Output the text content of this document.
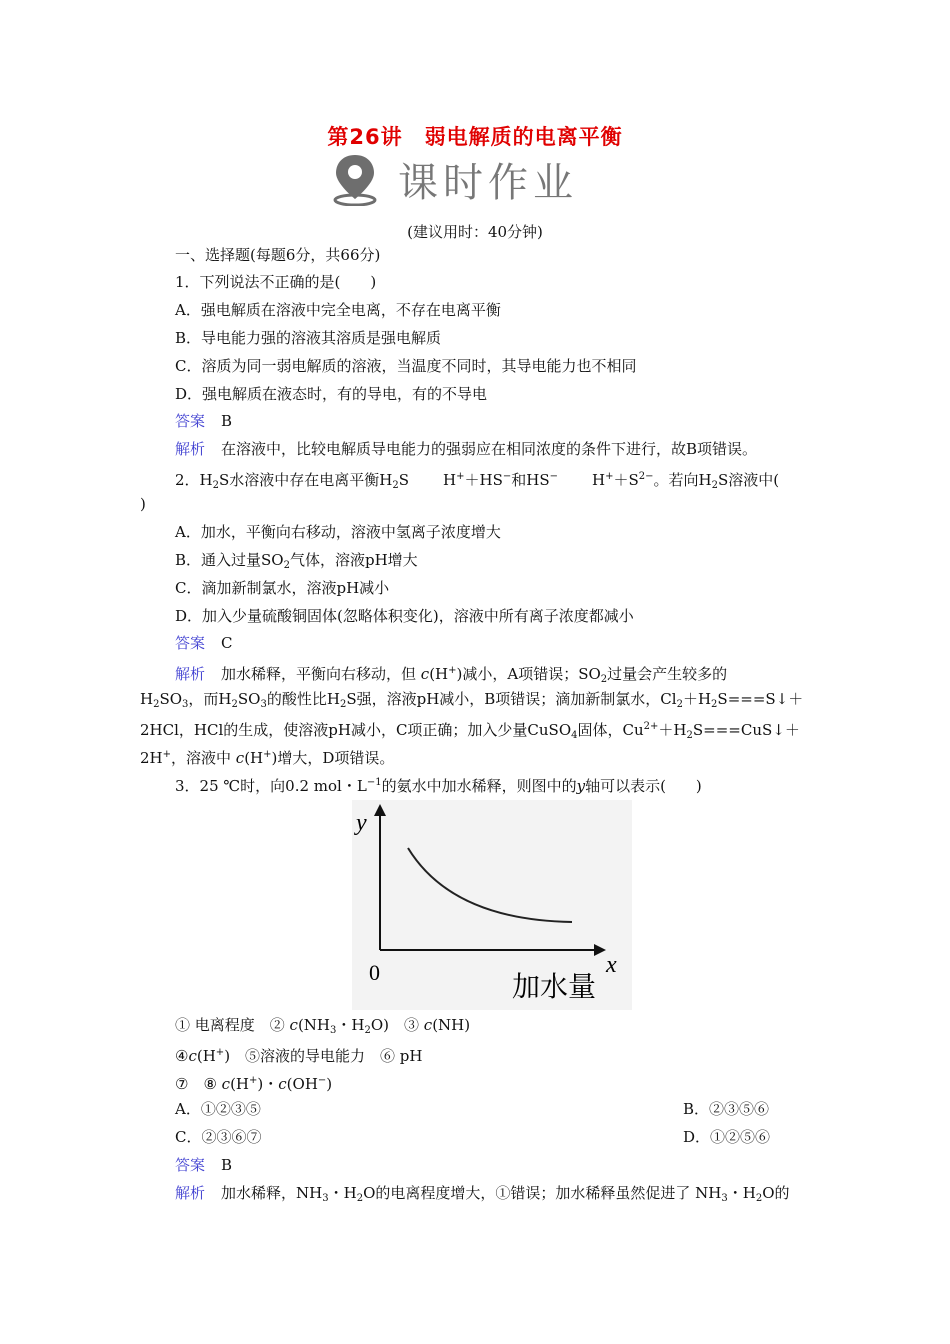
第26讲　弱电解质的电离平衡
课时作业
(建议用时：40分钟)
一、选择题(每题6分，共66分)
1．下列说法不正确的是(　　)
A．强电解质在溶液中完全电离，不存在电离平衡
B．导电能力强的溶液其溶质是强电解质
C．溶质为同一弱电解质的溶液，当温度不同时，其导电能力也不相同
D．强电解质在液态时，有的导电，有的不导电
答案 B
解析 在溶液中，比较电解质导电能力的强弱应在相同浓度的条件下进行，故B项错误。
2．$H_2S$水溶液中存在电离平衡$H_2S$ H+＋HS−和HS− $H^++S^{2-}$。若向$H_2S$溶液中(
)
A．加水，平衡向右移动，溶液中氢离子浓度增大
B．通入过量$SO_2$气体，溶液pH增大
C．滴加新制氯水，溶液pH减小
D．加入少量硫酸铜固体(忽略体积变化)，溶液中所有离子浓度都减小
答案 C
解析 加水稀释，平衡向右移动，但 c(H+)减小，A项错误；$SO_2$过量会产生较多的
$H_2SO_3$，而$H_2SO_3$的酸性比$H_2S$强，溶液pH减小，B项错误；滴加新制氯水，$Cl_2+H_2S===S↓+$
2HCl，HCl的生成，使溶液pH减小，C项正确；加入少量CuSO$_4$固体，$Cu^{2+}+H_2S===CuS↓+$
2H+，溶液中 c(H+)增大，D项错误。
3．25 ℃时，向0.2 mol・$L^{-1}$的氨水中加水稀释，则图中的y轴可以表示(　　)
y
x
0	加水量
① 电离程度　② $c(NH_3$・$H_2O$)　③ c(NH)
④c(H+)　⑤溶液的导电能力　⑥ pH
⑦　⑧ c(H+)・c(OH−)
A．①②③⑤	B．②③⑤⑥
C．②③⑥⑦	D．①②⑤⑥
答案 B
解析 加水稀释，$NH_3$・$H_2O$的电离程度增大，①错误；加水稀释虽然促进了 $NH_3$・$H_2O$的
